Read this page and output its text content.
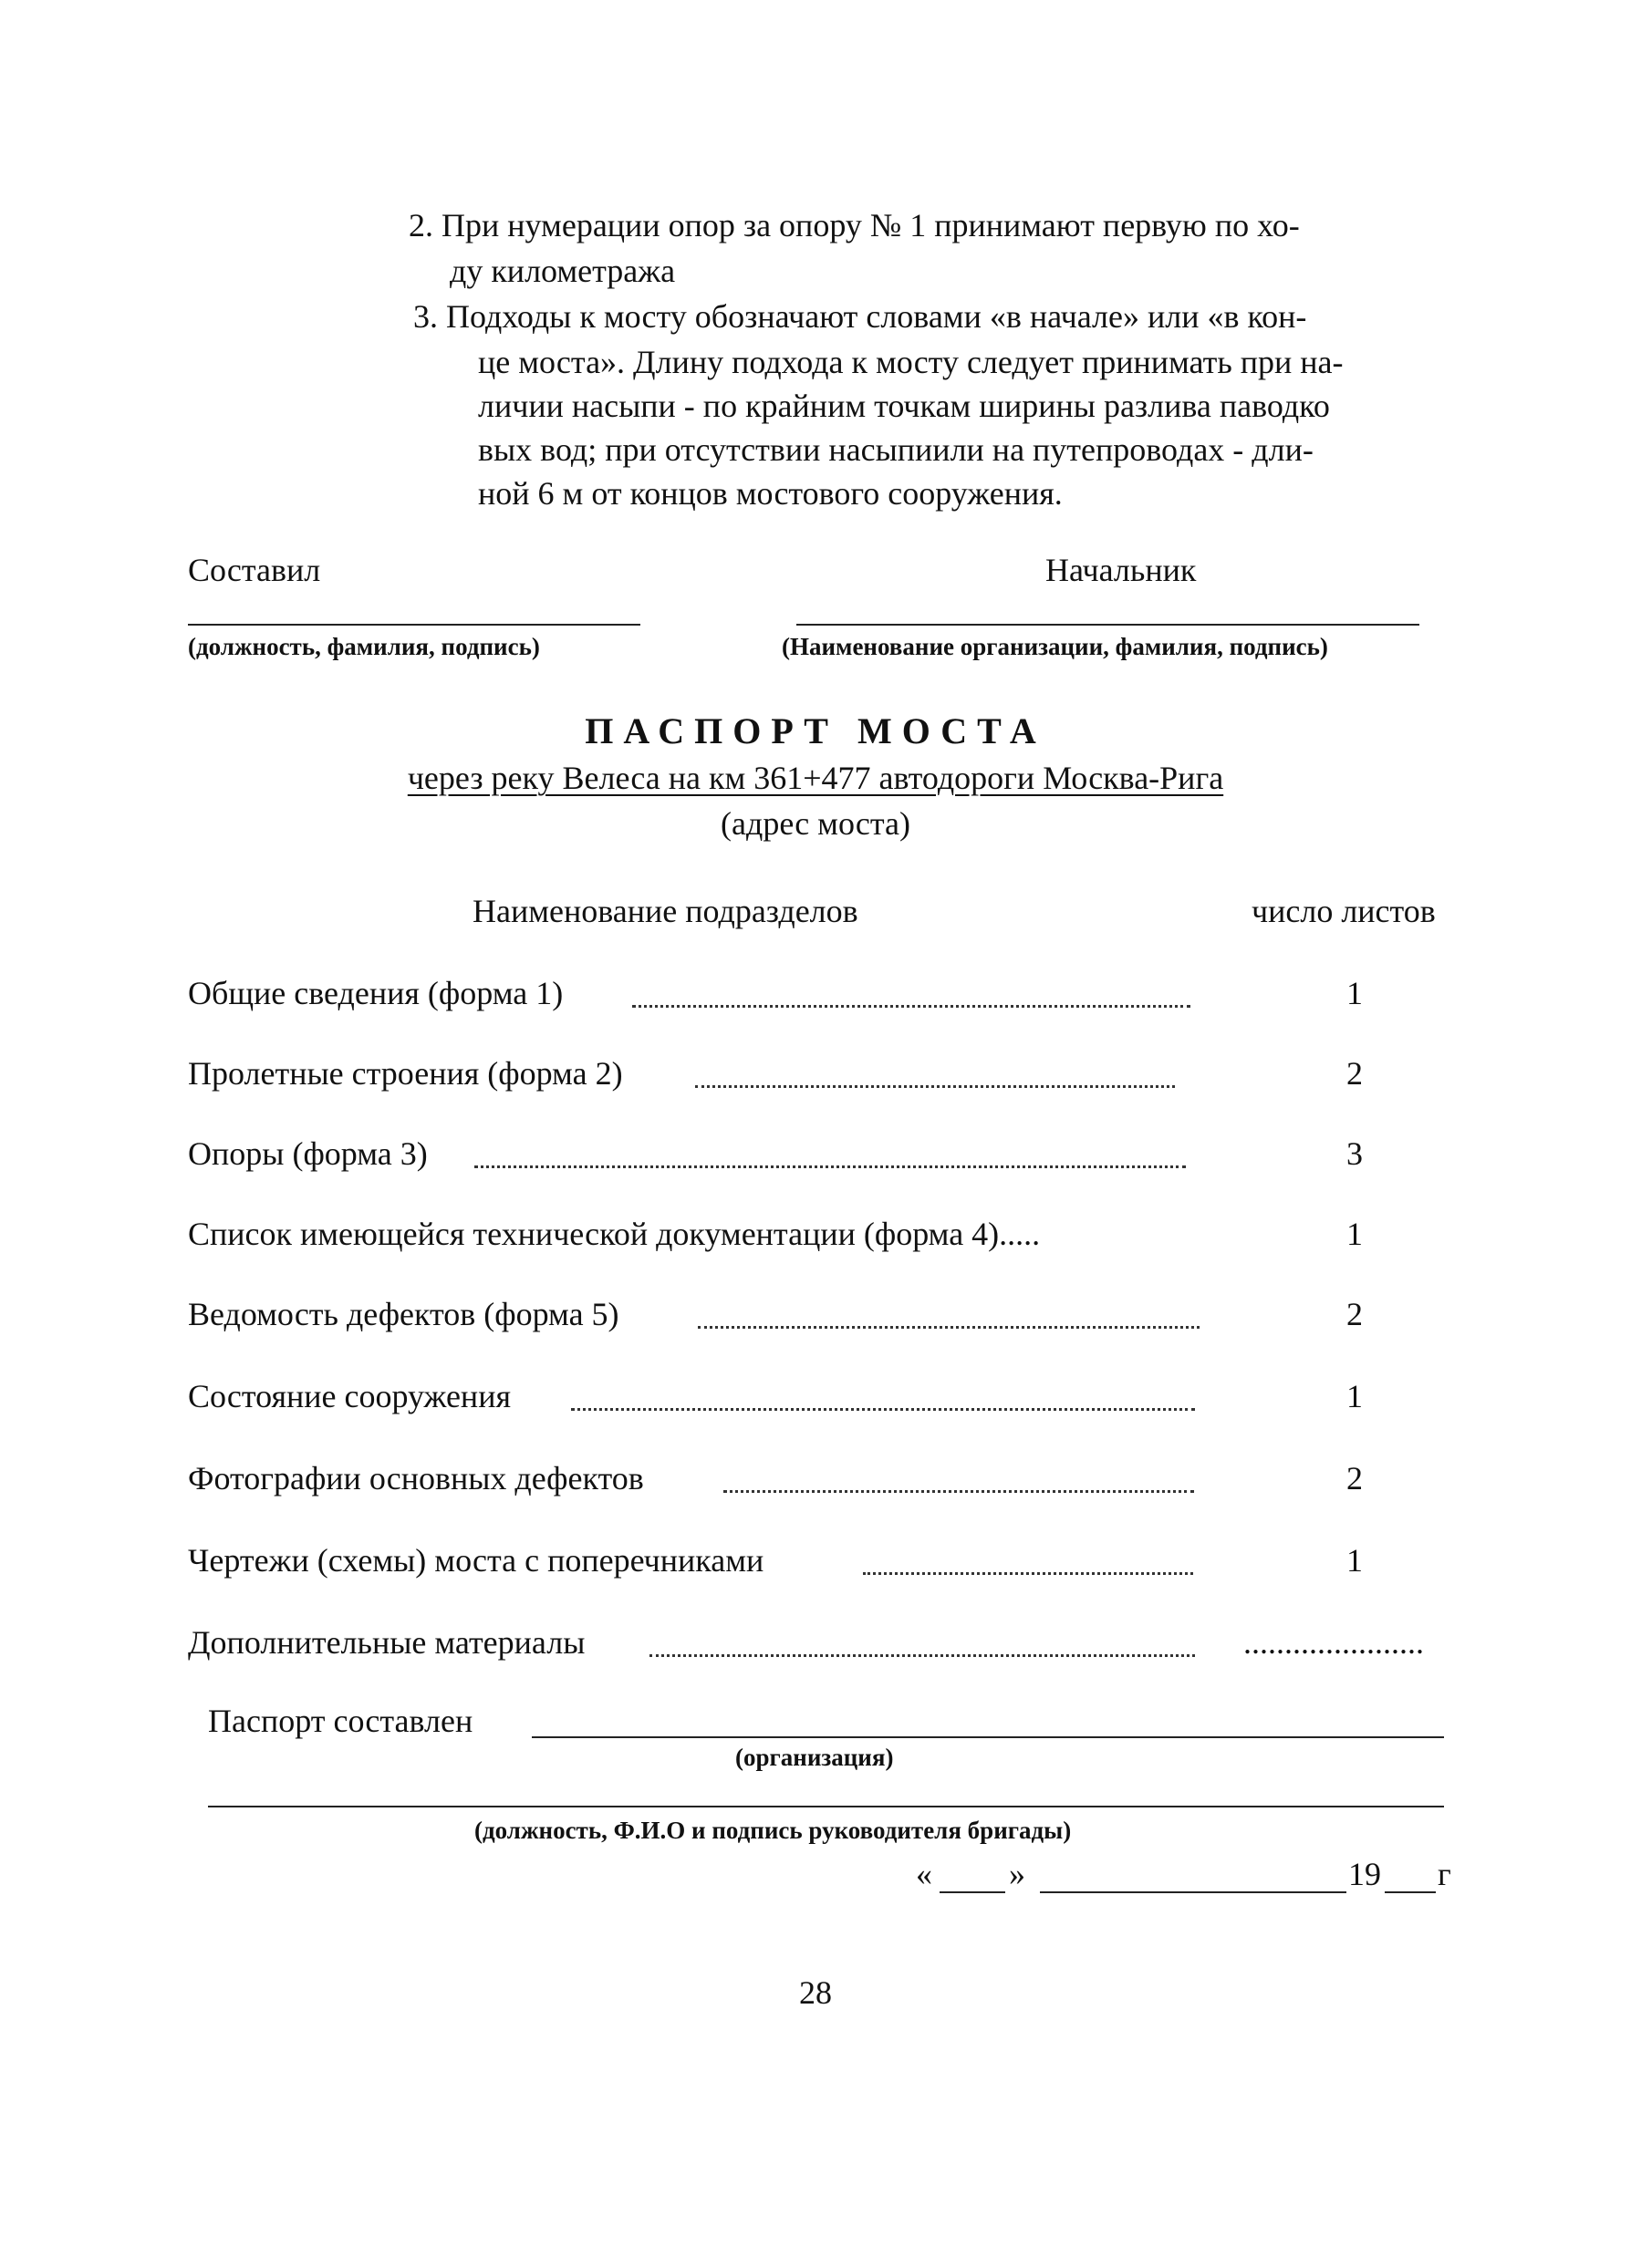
2. При нумерации опор за опору № 1 принимают первую по хо-
ду километража
3. Подходы к мосту обозначают словами «в начале» или «в кон-
це моста». Длину подхода к мосту следует принимать при на-
личии насыпи - по крайним точкам ширины разлива паводко
вых вод; при отсутствии насыпиили на путепроводах - дли-
ной 6 м от концов мостового сооружения.
Составил	Начальник
(должность, фамилия, подпись)	(Наименование организации, фамилия, подпись)
ПАСПОРТ МОСТА
через реку Велеса на км 361+477 автодороги Москва-Рига
(адрес моста)
Наименование подразделов	число листов
Общие сведения (форма 1)	1
Пролетные строения (форма 2)	2
Опоры (форма 3)	3
Список имеющейся технической документации (форма 4).....	1
Ведомость дефектов (форма 5)	2
Состояние сооружения	1
Фотографии основных дефектов	2
Чертежи (схемы) моста с поперечниками	1
Дополнительные материалы	......................
Паспорт составлен
(организация)
(должность, Ф.И.О и подпись руководителя бригады)
« »	19 г
28
